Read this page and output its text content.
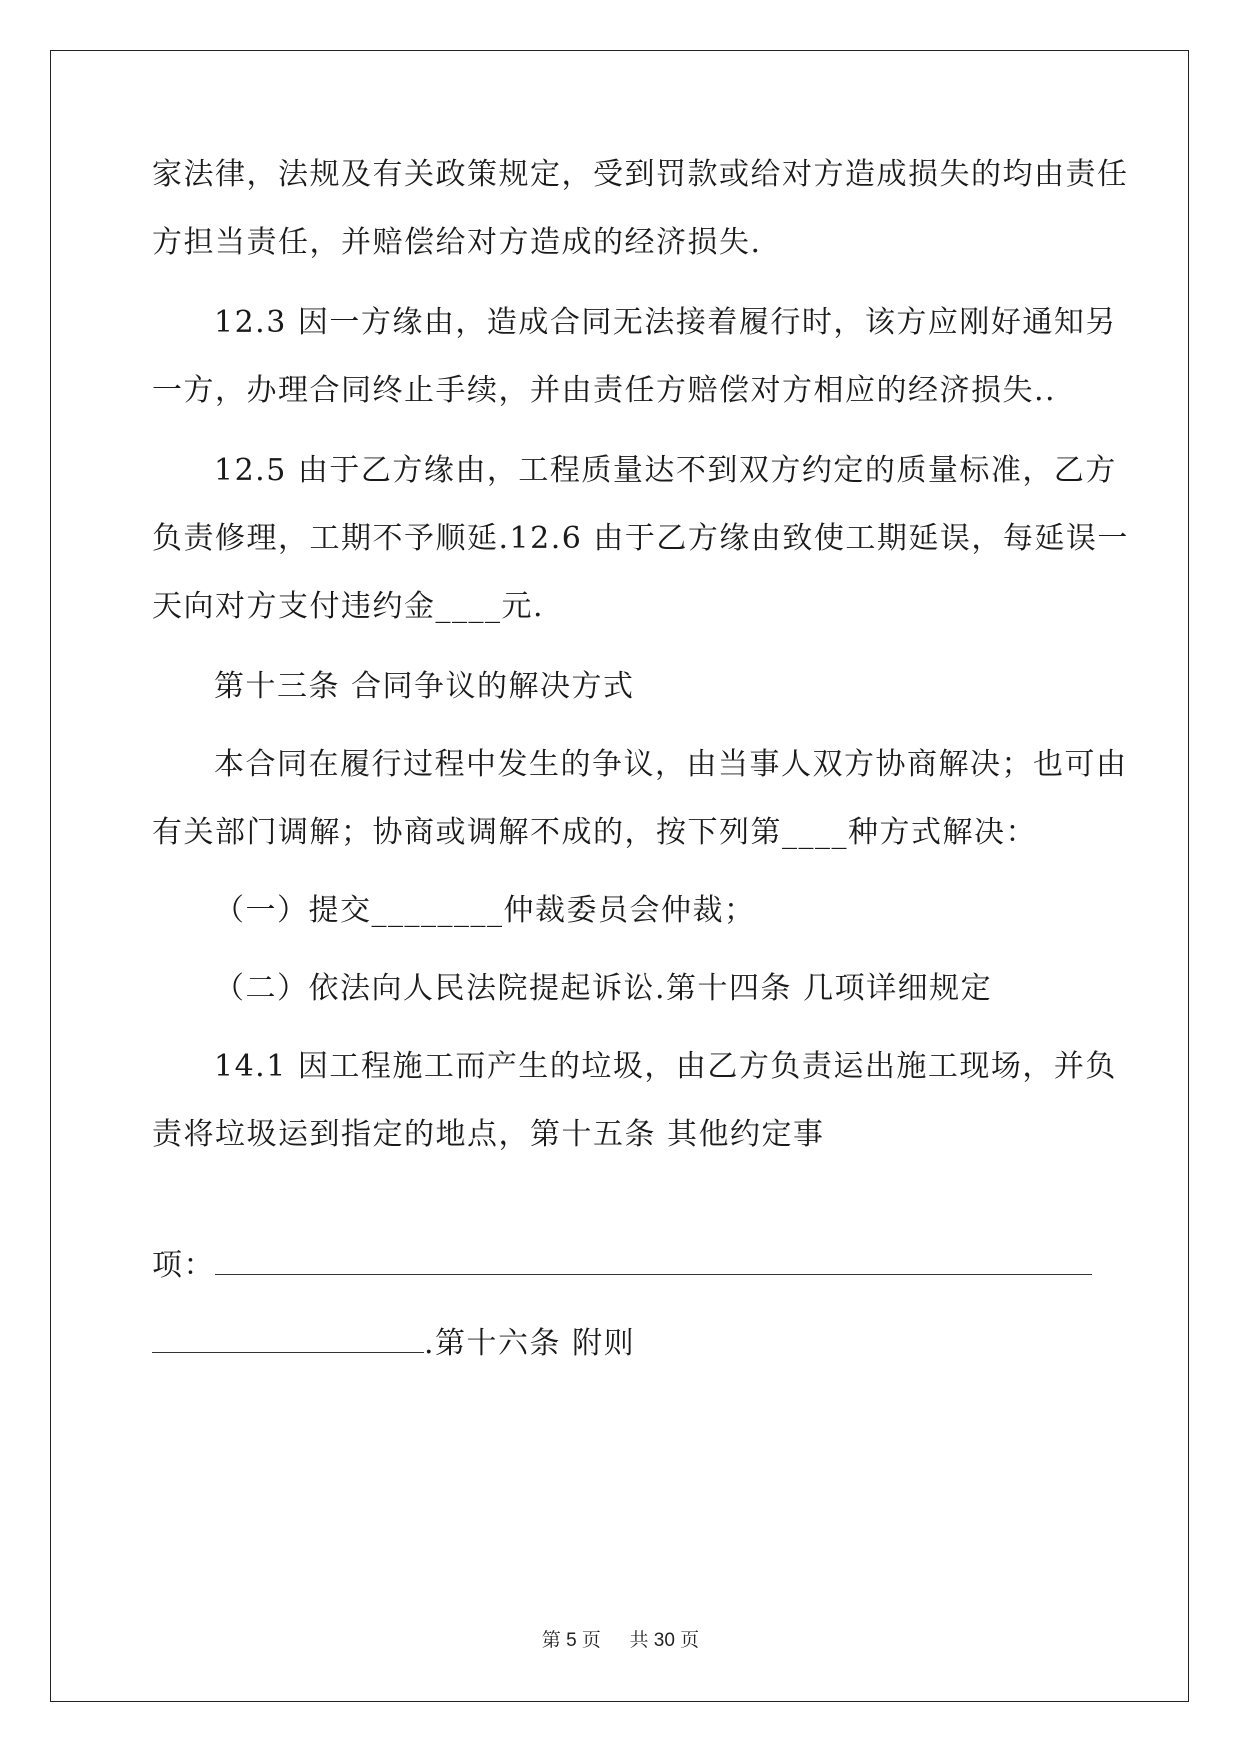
家法律，法规及有关政策规定，受到罚款或给对方造成损失的均由责任
方担当责任，并赔偿给对方造成的经济损失.
12.3 因一方缘由，造成合同无法接着履行时，该方应刚好通知另
一方，办理合同终止手续，并由责任方赔偿对方相应的经济损失..
12.5 由于乙方缘由，工程质量达不到双方约定的质量标准，乙方
负责修理，工期不予顺延.12.6 由于乙方缘由致使工期延误，每延误一
天向对方支付违约金____元.
第十三条 合同争议的解决方式
本合同在履行过程中发生的争议，由当事人双方协商解决；也可由
有关部门调解；协商或调解不成的，按下列第____种方式解决：
（一）提交________仲裁委员会仲裁；
（二）依法向人民法院提起诉讼.第十四条 几项详细规定
14.1 因工程施工而产生的垃圾，由乙方负责运出施工现场，并负
责将垃圾运到指定的地点，第十五条 其他约定事
项：
.第十六条 附则
第 5 页 共 30 页
